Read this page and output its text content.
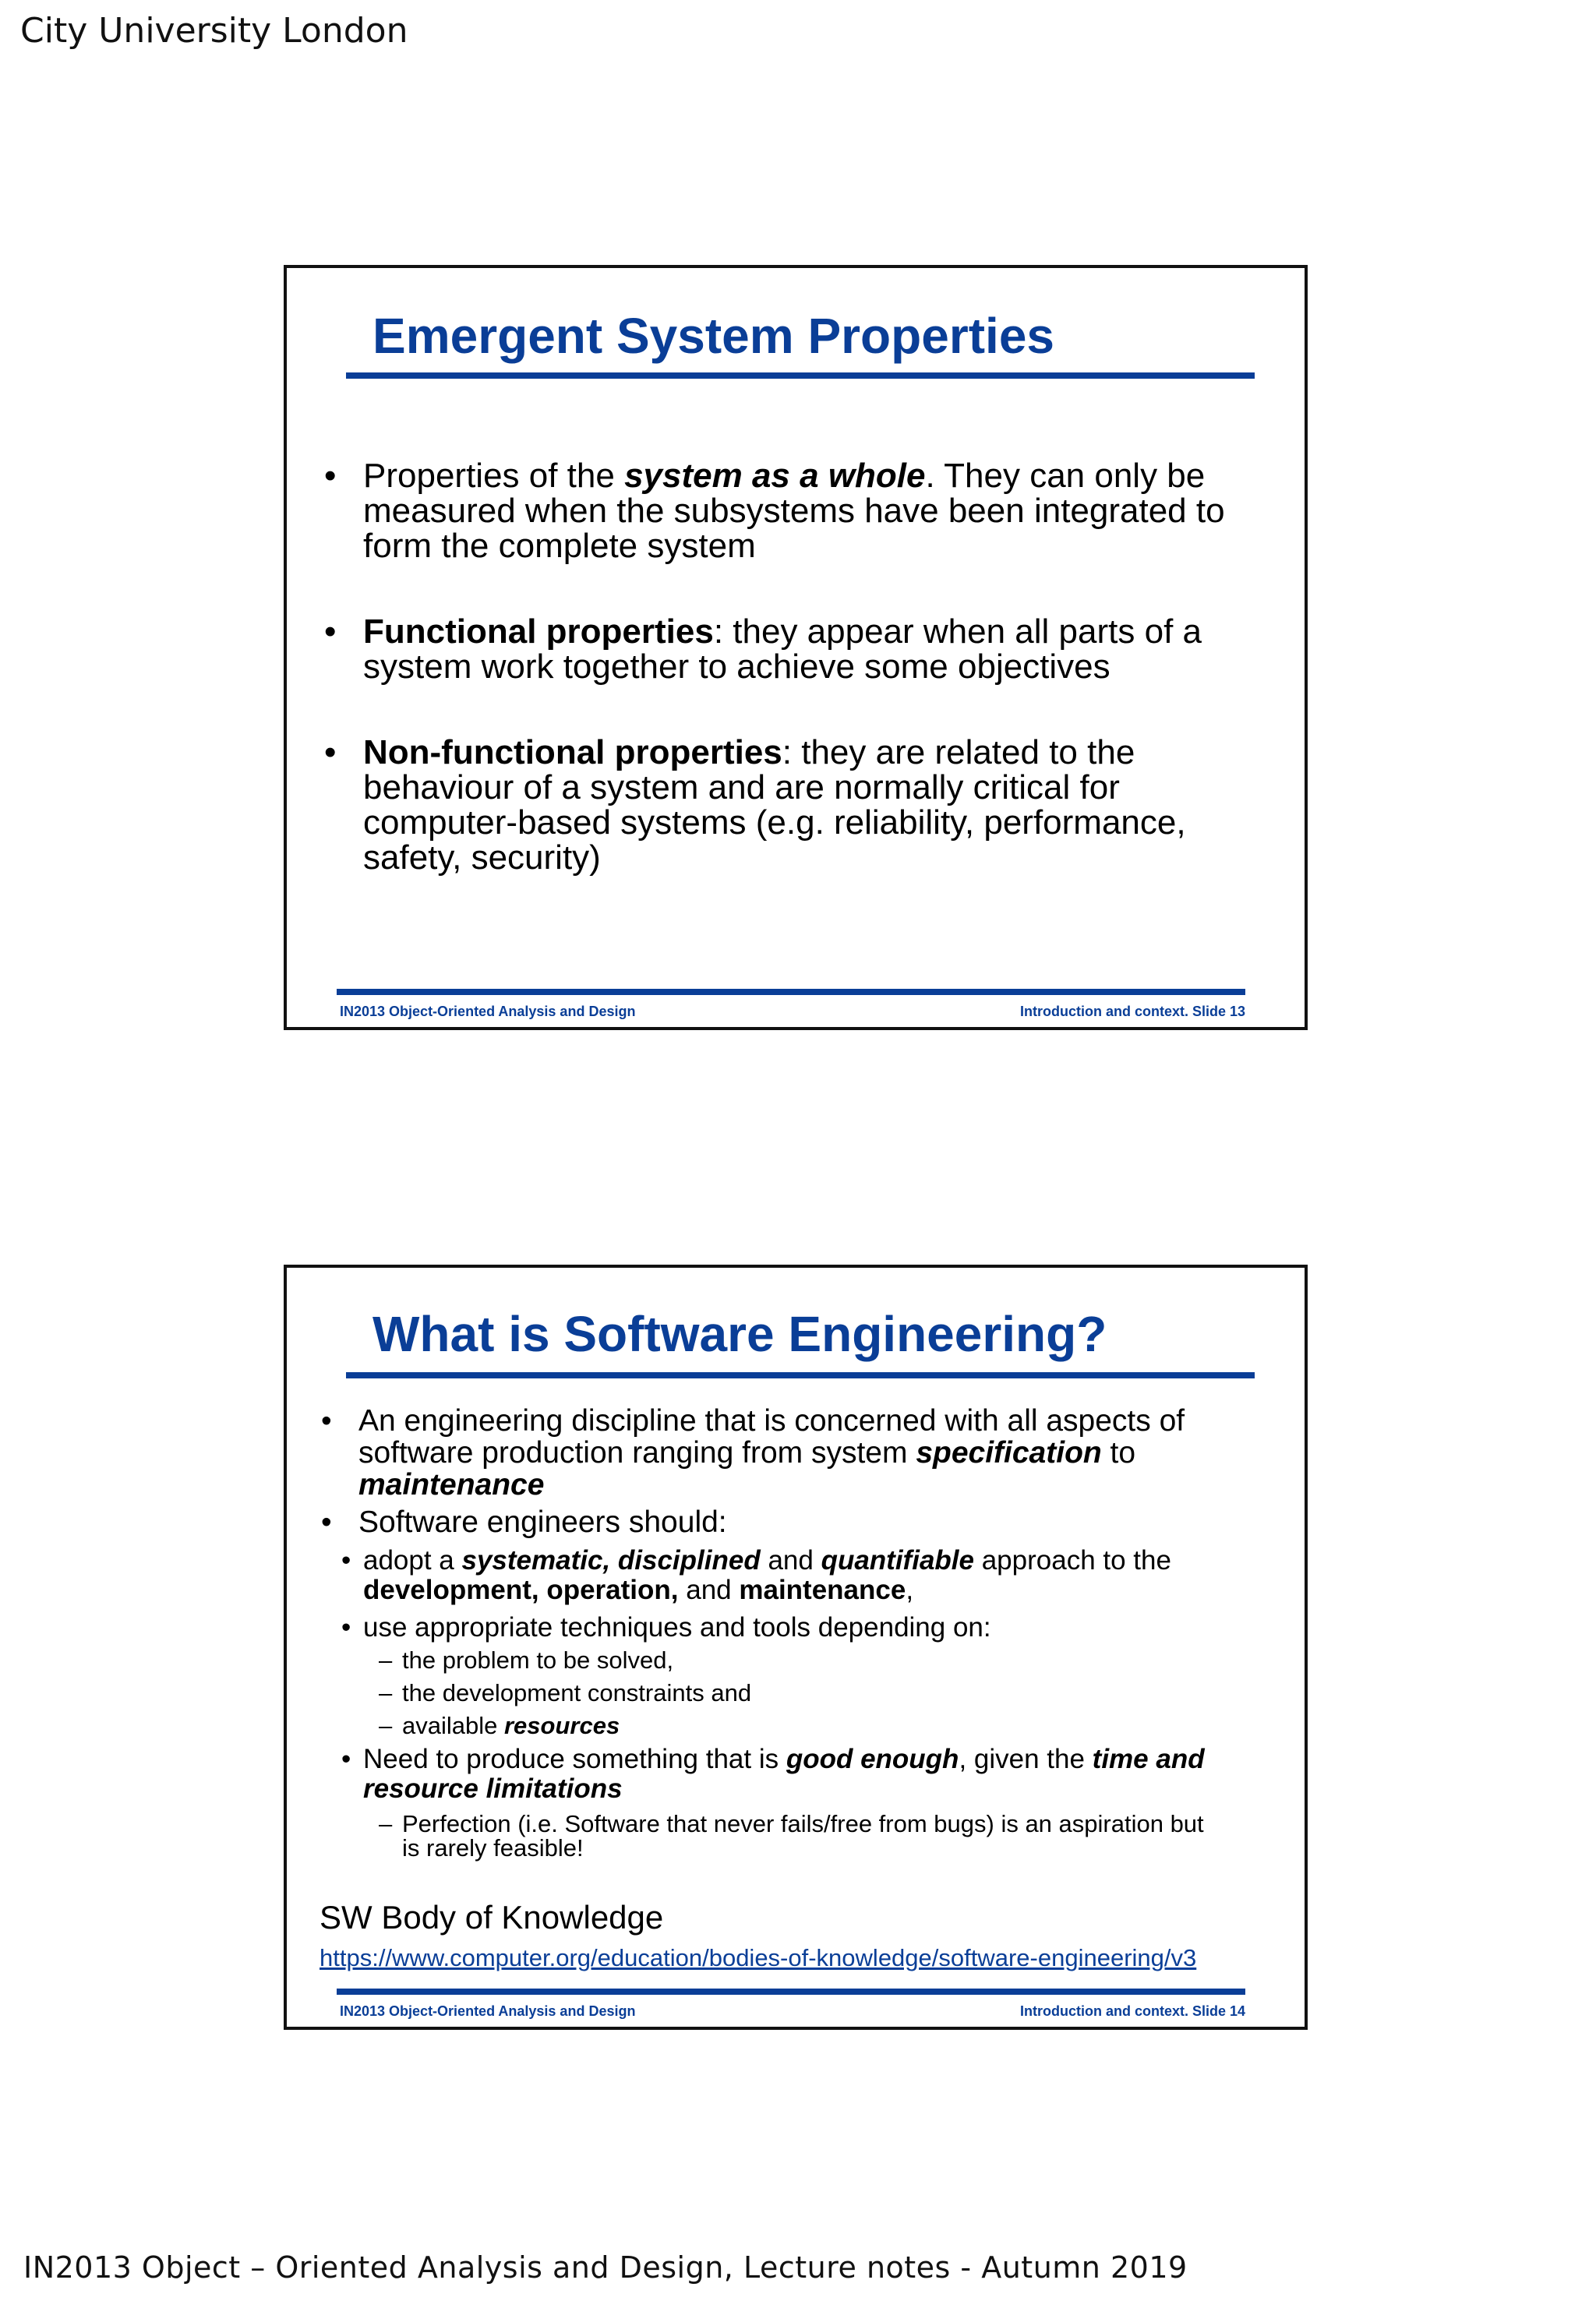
City University London
Emergent System Properties
• Properties of the system as a whole. They can only be
measured when the subsystems have been integrated to
form the complete system
• Functional properties: they appear when all parts of a
system work together to achieve some objectives
• Non-functional properties: they are related to the
behaviour of a system and are normally critical for
computer-based systems (e.g. reliability, performance,
safety, security)
IN2013 Object-Oriented Analysis and Design	Introduction and context. Slide 13
What is Software Engineering?
• An engineering discipline that is concerned with all aspects of
software production ranging from system specification to
maintenance
• Software engineers should:
• adopt a systematic, disciplined and quantifiable approach to the
development, operation, and maintenance,
• use appropriate techniques and tools depending on:
– the problem to be solved,
– the development constraints and
– available resources
• Need to produce something that is good enough, given the time and
resource limitations
– Perfection (i.e. Software that never fails/free from bugs) is an aspiration but
is rarely feasible!
SW Body of Knowledge
https://www.computer.org/education/bodies-of-knowledge/software-engineering/v3
IN2013 Object-Oriented Analysis and Design	Introduction and context. Slide 14
IN2013 Object – Oriented Analysis and Design, Lecture notes - Autumn 2019
